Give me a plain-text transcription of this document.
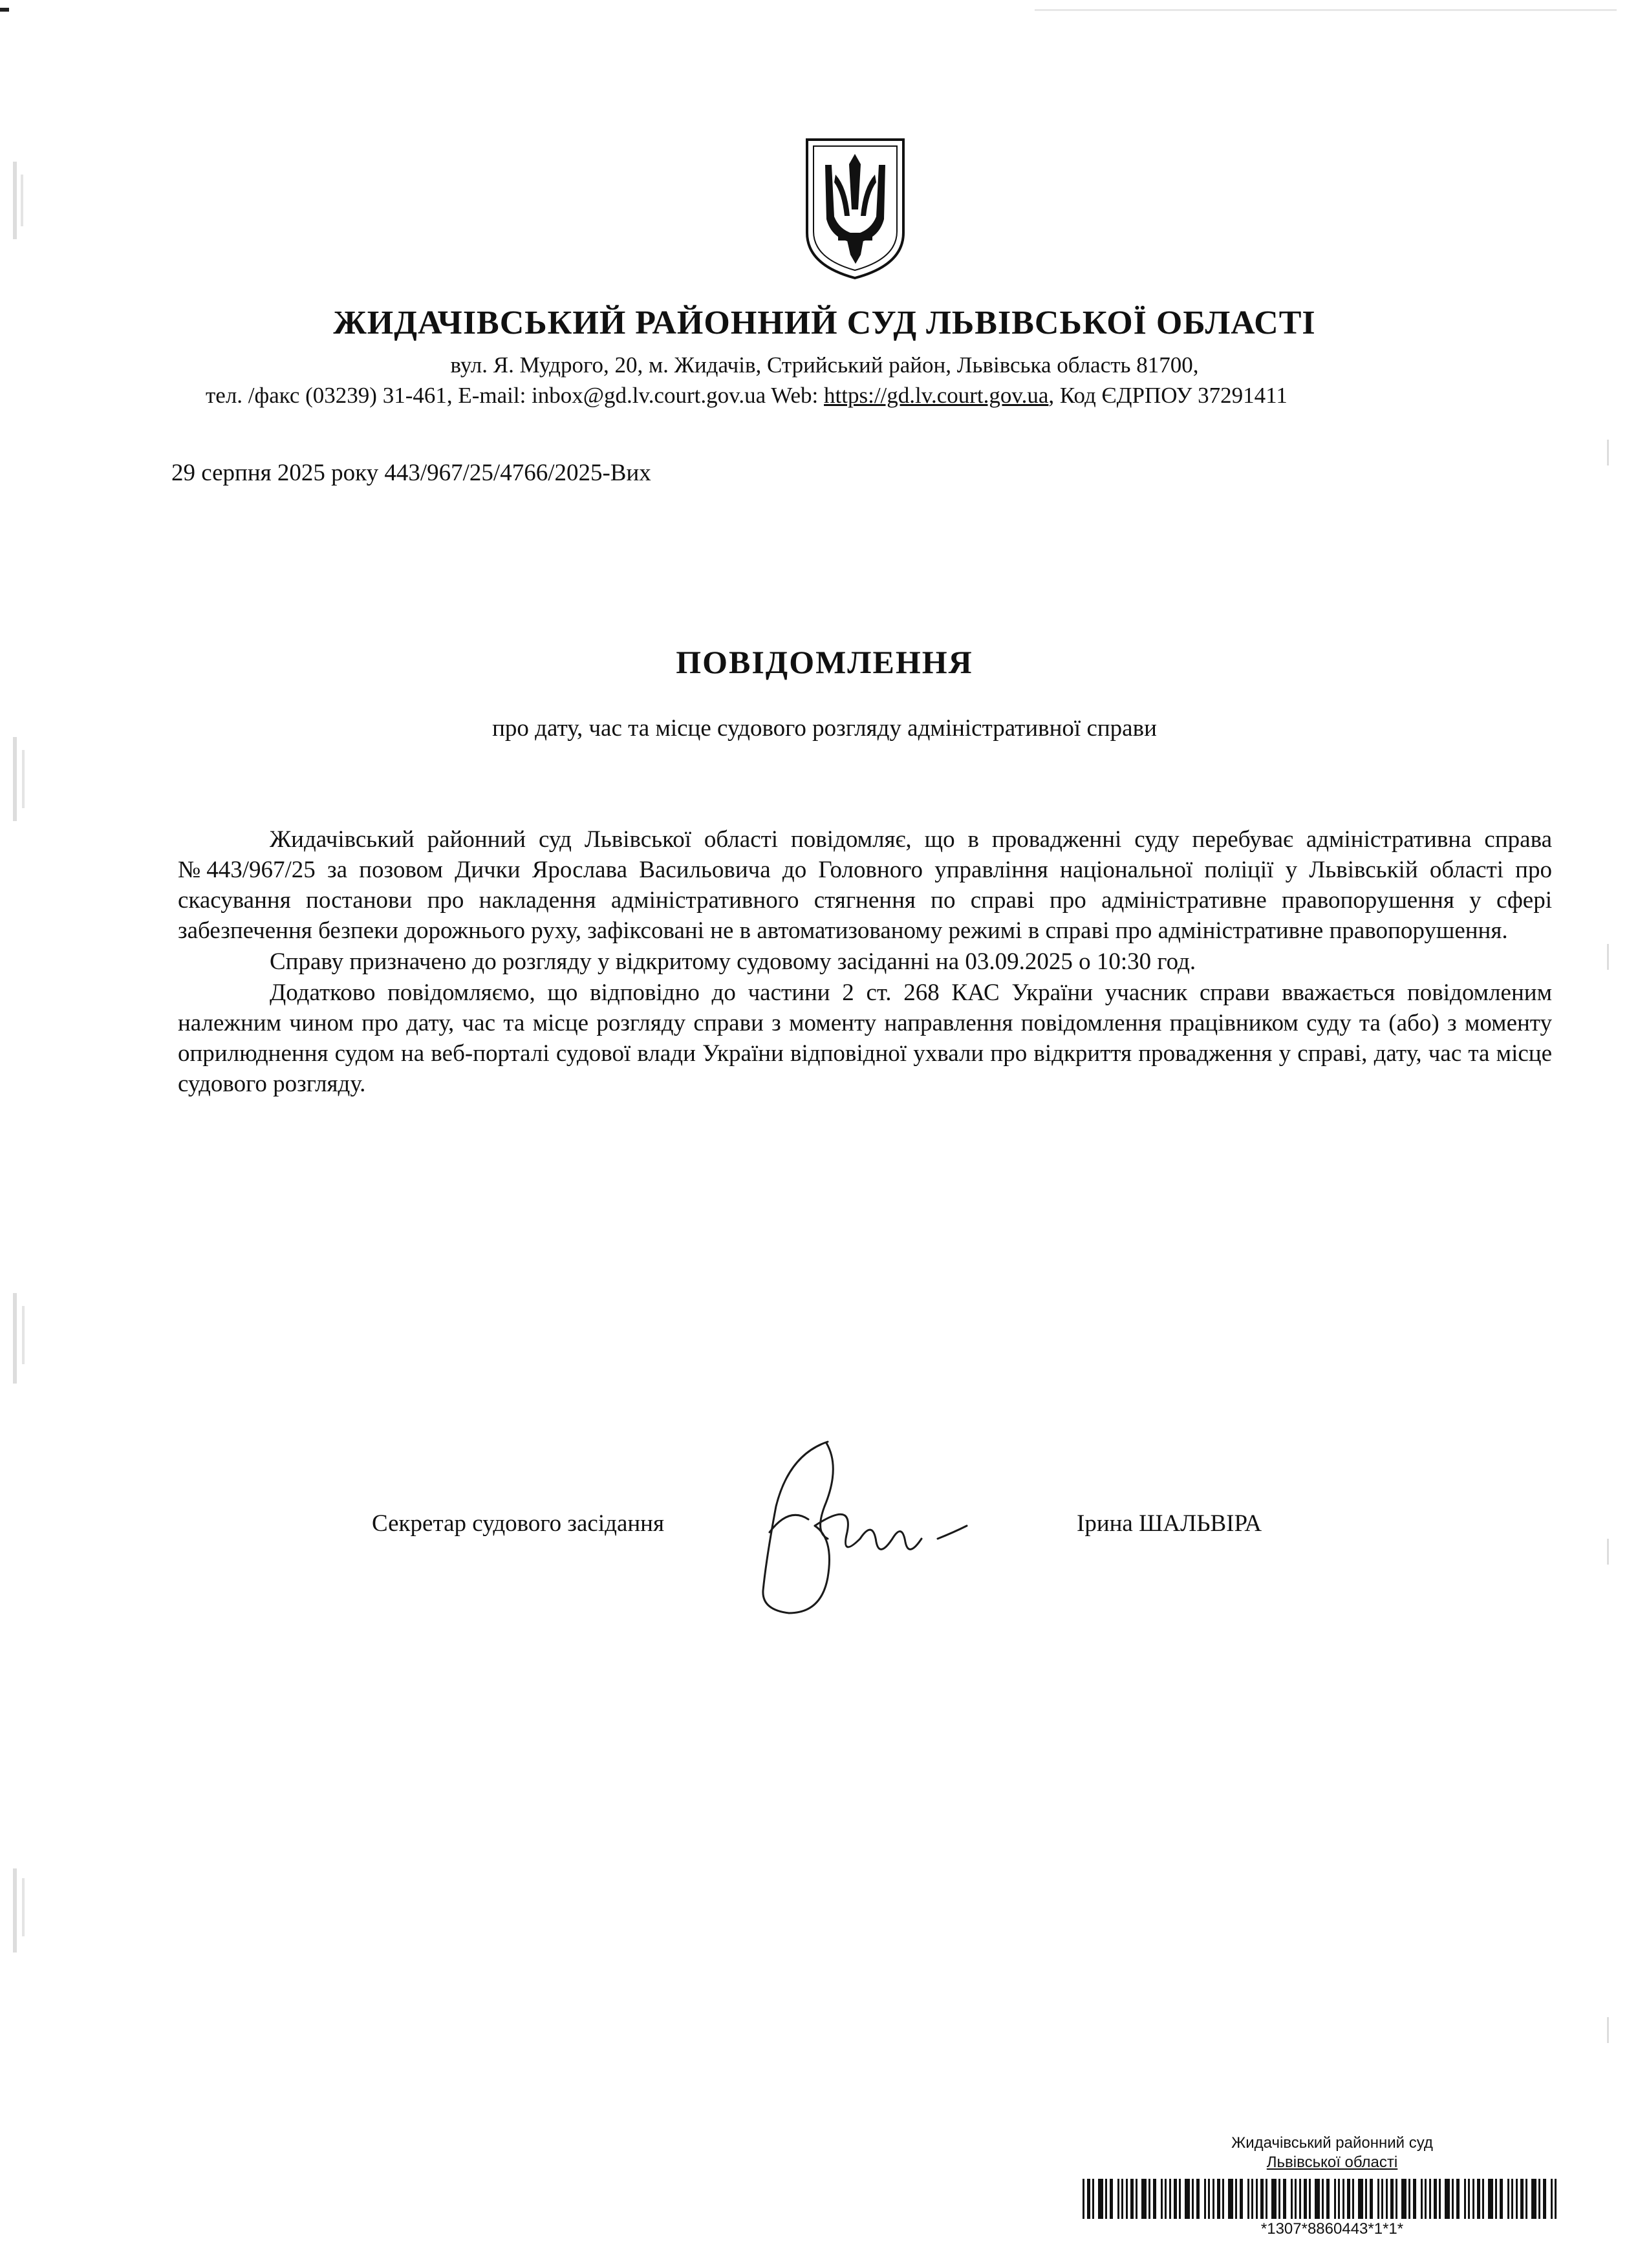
ЖИДАЧІВСЬКИЙ РАЙОННИЙ СУД ЛЬВІВСЬКОЇ ОБЛАСТІ
вул. Я. Мудрого, 20, м. Жидачів, Стрийський район, Львівська область 81700,
тел. /факс (03239) 31-461, E-mail: inbox@gd.lv.court.gov.ua Web: https://gd.lv.court.gov.ua, Код ЄДРПОУ 37291411
29 серпня 2025 року 443/967/25/4766/2025-Вих
ПОВІДОМЛЕННЯ
про дату, час та місце судового розгляду адміністративної справи

Жидачівський районний суд Львівської області повідомляє, що в провадженні суду перебуває адміністративна справа №443/967/25 за позовом Дички Ярослава Васильовича до Головного управління національної поліції у Львівській області про скасування постанови про накладення адміністративного стягнення по справі про адміністративне правопорушення у сфері забезпечення безпеки дорожнього руху, зафіксовані не в автоматизованому режимі в справі про адміністративне правопорушення.

Справу призначено до розгляду у відкритому судовому засіданні на 03.09.2025 о 10:30 год.

Додатково повідомляємо, що відповідно до частини 2 ст. 268 КАС України учасник справи вважається повідомленим належним чином про дату, час та місце розгляду справи з моменту направлення повідомлення працівником суду та (або) з моменту оприлюднення судом на веб-порталі судової влади України відповідної ухвали про відкриття провадження у справі, дату, час та місце судового розгляду.

Секретар судового засідання	Ірина ШАЛЬВІРА
Жидачівський районний суд
Львівської області
*1307*8860443*1*1*
